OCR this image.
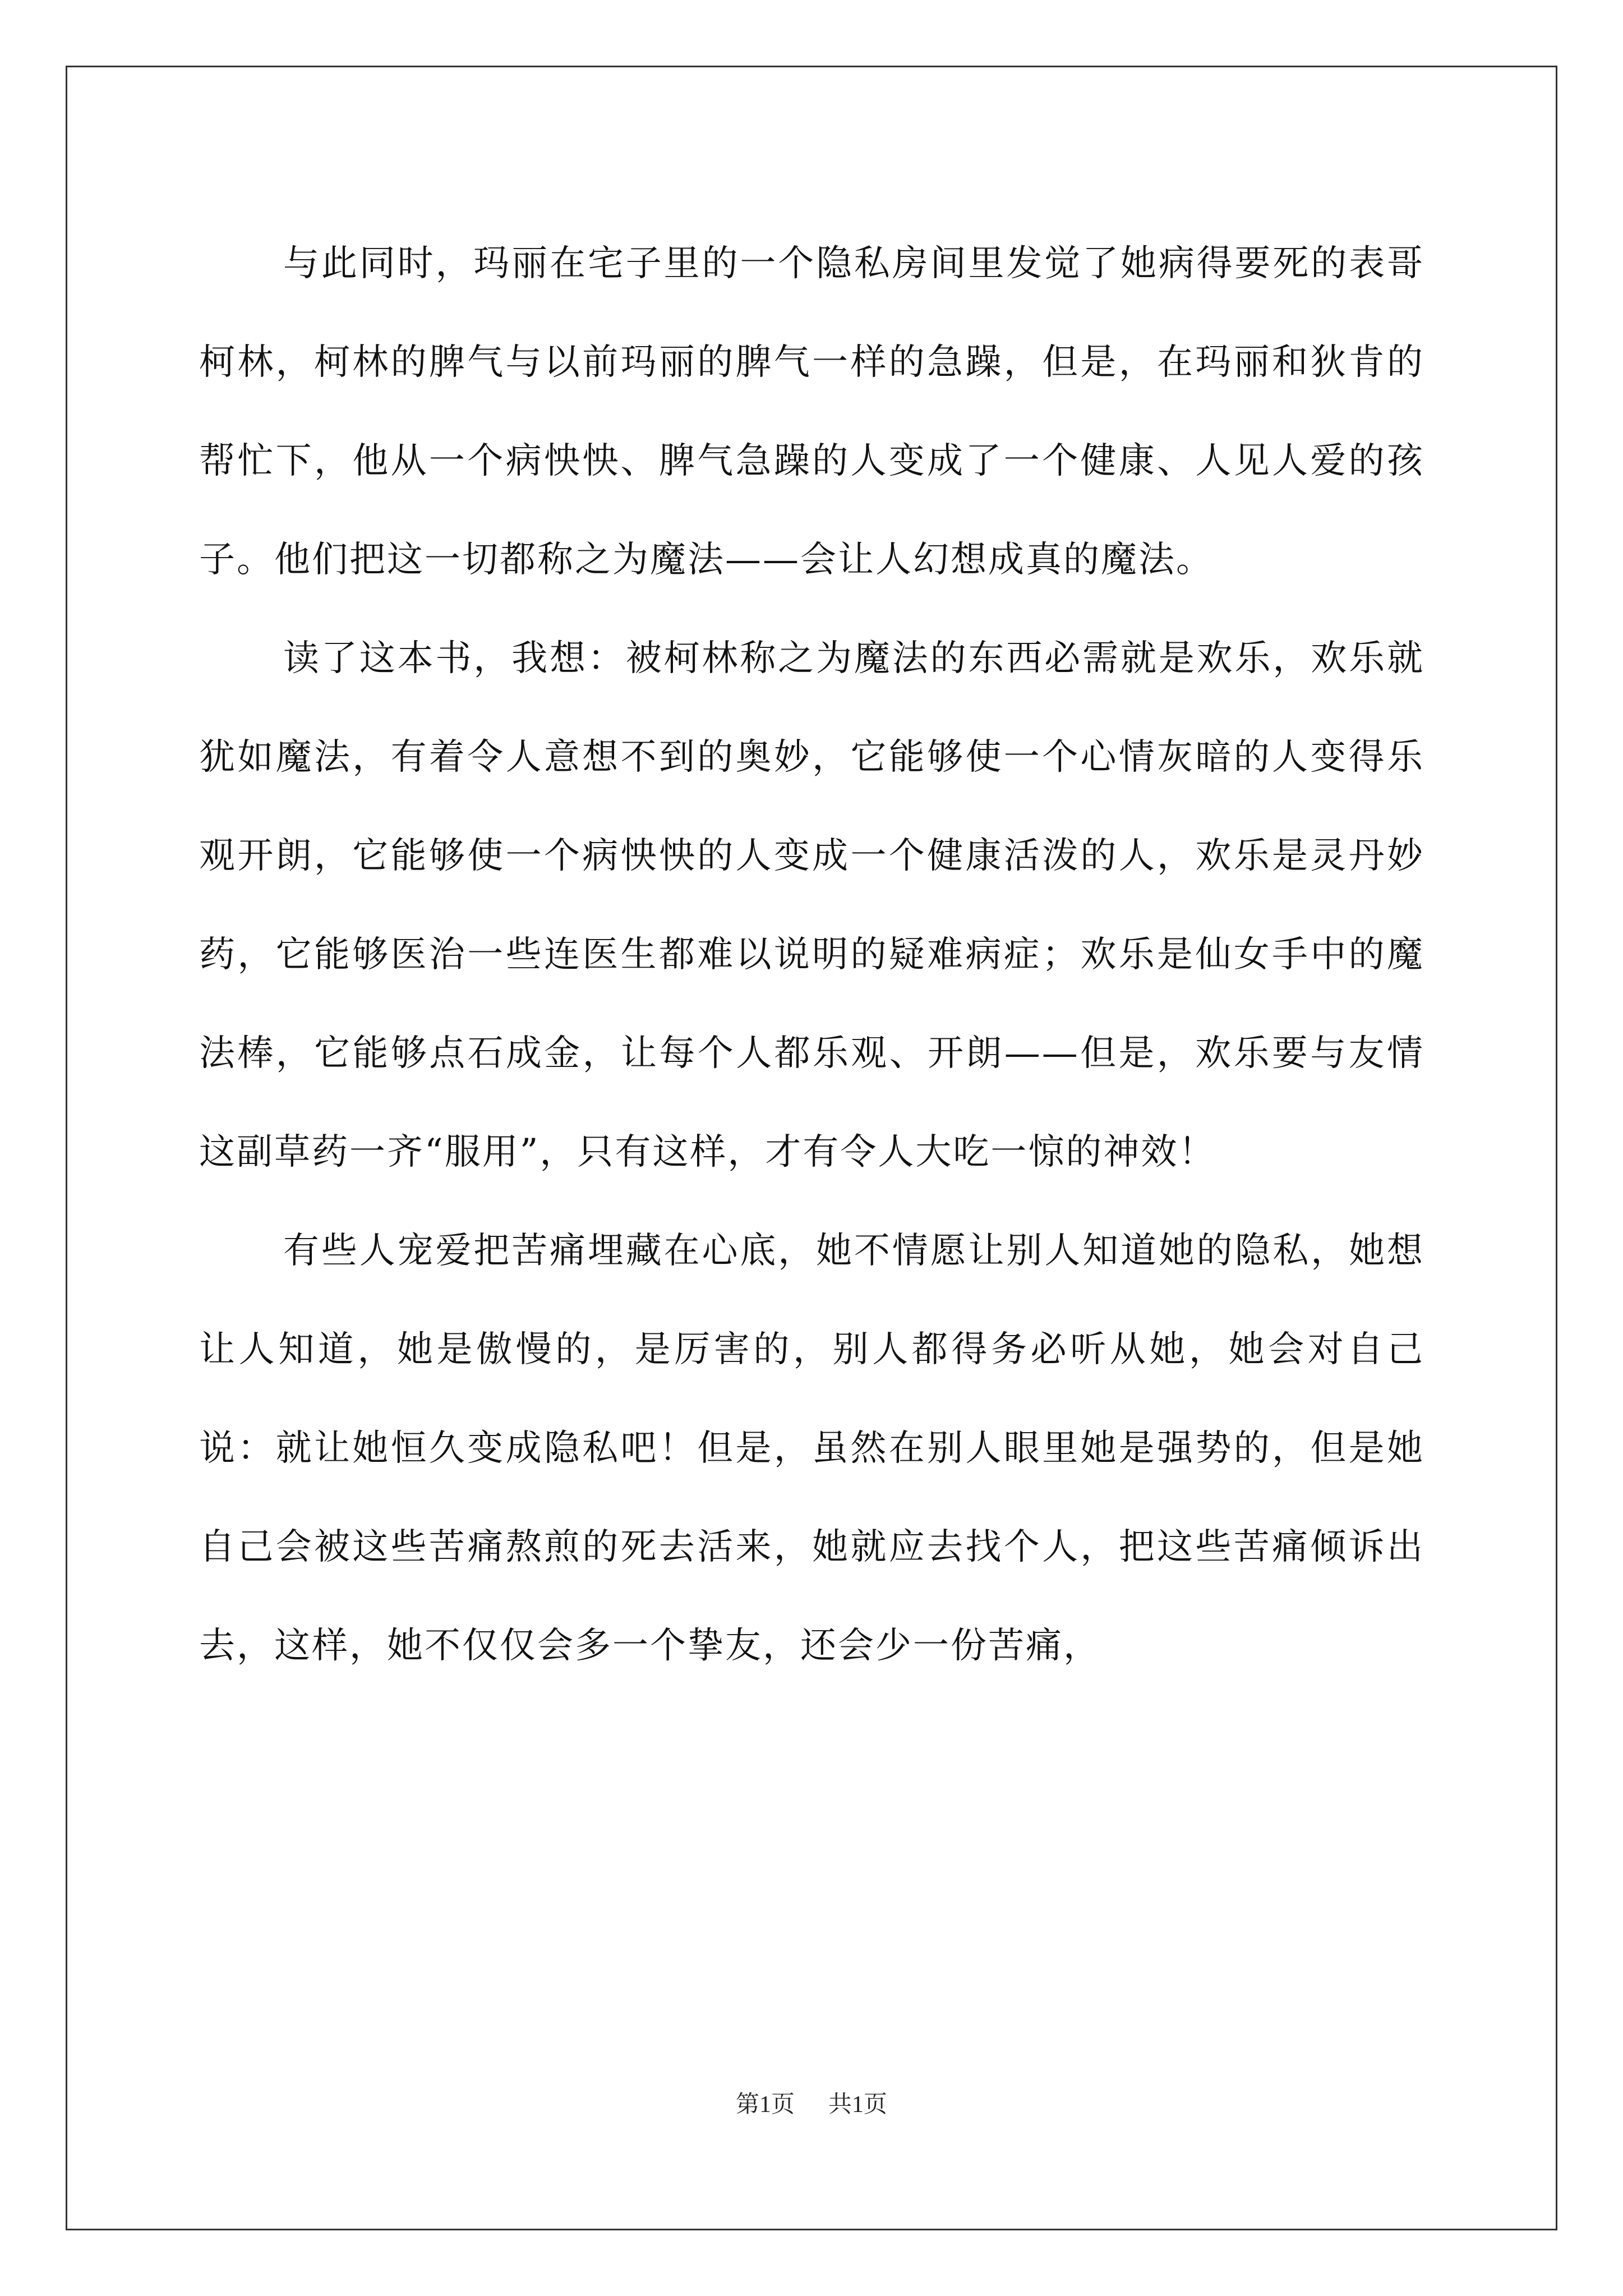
与此同时，玛丽在宅子里的一个隐私房间里发觉了她病得要死的表哥柯林，柯林的脾气与以前玛丽的脾气一样的急躁，但是，在玛丽和狄肯的帮忙下，他从一个病怏怏、脾气急躁的人变成了一个健康、人见人爱的孩子。他们把这一切都称之为魔法——会让人幻想成真的魔法。

读了这本书，我想：被柯林称之为魔法的东西必需就是欢乐，欢乐就犹如魔法，有着令人意想不到的奥妙，它能够使一个心情灰暗的人变得乐观开朗，它能够使一个病怏怏的人变成一个健康活泼的人，欢乐是灵丹妙药，它能够医治一些连医生都难以说明的疑难病症；欢乐是仙女手中的魔法棒，它能够点石成金，让每个人都乐观、开朗——但是，欢乐要与友情这副草药一齐“服用”，只有这样，才有令人大吃一惊的神效！

有些人宠爱把苦痛埋藏在心底，她不情愿让别人知道她的隐私，她想让人知道，她是傲慢的，是厉害的，别人都得务必听从她，她会对自己说：就让她恒久变成隐私吧！但是，虽然在别人眼里她是强势的，但是她自己会被这些苦痛熬煎的死去活来，她就应去找个人，把这些苦痛倾诉出去，这样，她不仅仅会多一个挚友，还会少一份苦痛，

第1页 共1页
